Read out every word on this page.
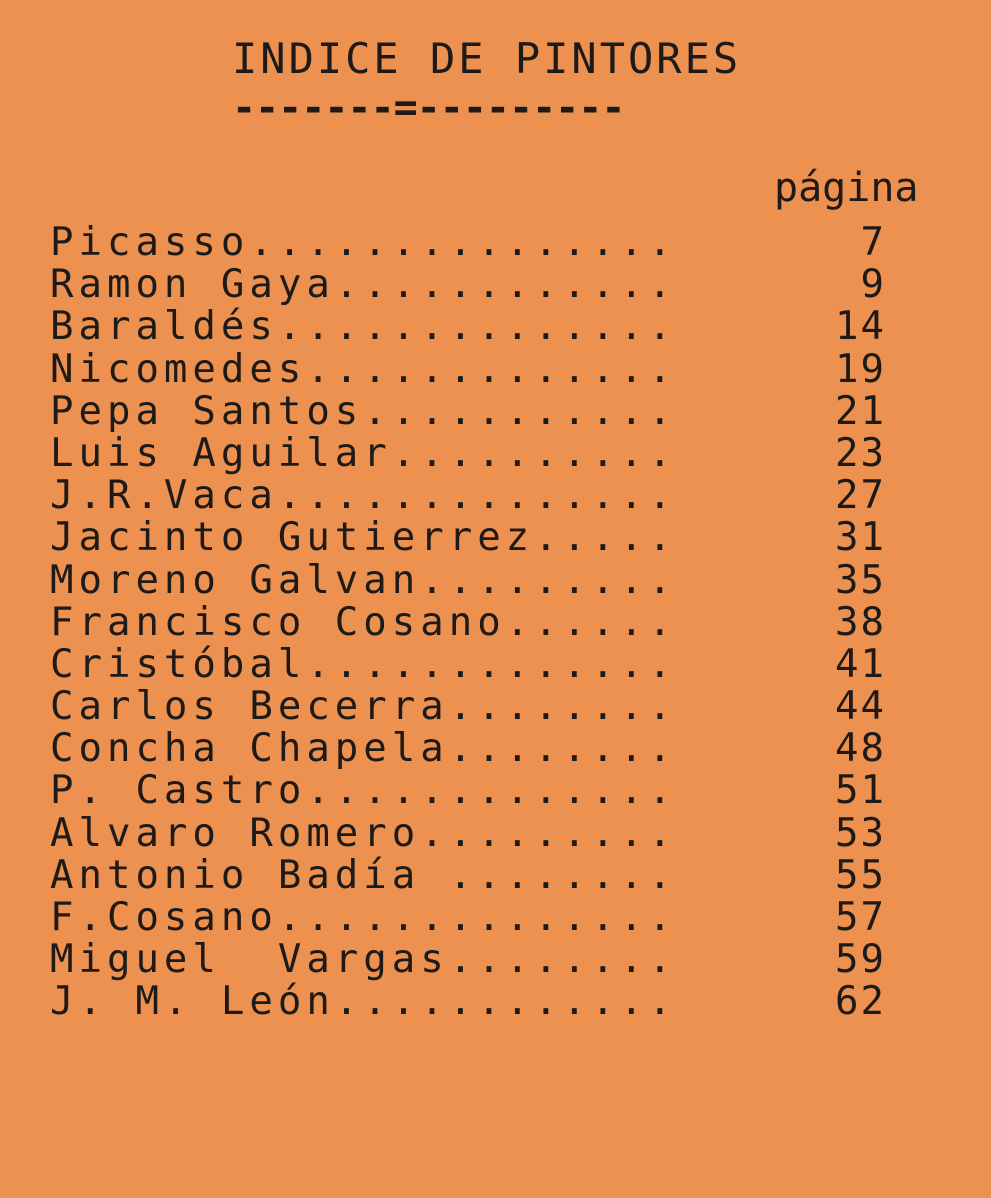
INDICE DE PINTORES
-------=---------
página
Picasso...............	7
Ramon Gaya............	9
Baraldés..............	14
Nicomedes.............	19
Pepa Santos...........	21
Luis Aguilar..........	23
J.R.Vaca..............	27
Jacinto Gutierrez.....	31
Moreno Galvan.........	35
Francisco Cosano......	38
Cristóbal.............	41
Carlos Becerra........	44
Concha Chapela........	48
P. Castro.............	51
Alvaro Romero.........	53
Antonio Badía ........	55
F.Cosano..............	57
Miguel  Vargas........	59
J. M. León............	62
